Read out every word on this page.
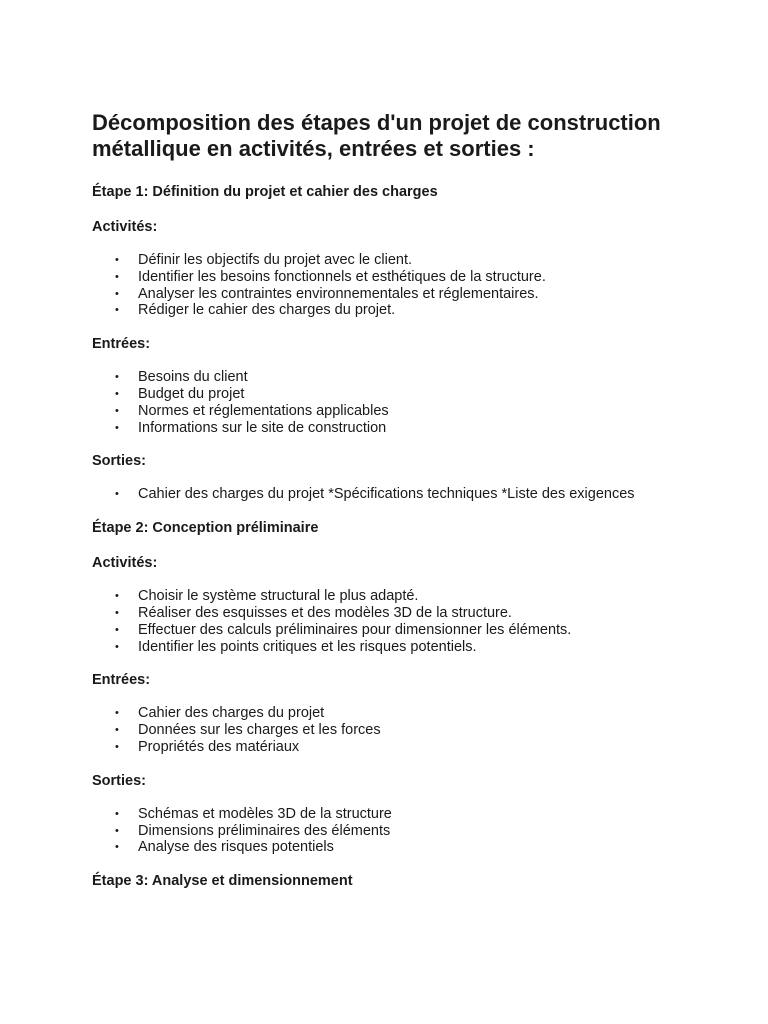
Décomposition des étapes d'un projet de construction métallique en activités, entrées et sorties :
Étape 1: Définition du projet et cahier des charges
Activités:
• Définir les objectifs du projet avec le client.
• Identifier les besoins fonctionnels et esthétiques de la structure.
• Analyser les contraintes environnementales et réglementaires.
• Rédiger le cahier des charges du projet.
Entrées:
• Besoins du client
• Budget du projet
• Normes et réglementations applicables
• Informations sur le site de construction
Sorties:
• Cahier des charges du projet *Spécifications techniques *Liste des exigences
Étape 2: Conception préliminaire
Activités:
• Choisir le système structural le plus adapté.
• Réaliser des esquisses et des modèles 3D de la structure.
• Effectuer des calculs préliminaires pour dimensionner les éléments.
• Identifier les points critiques et les risques potentiels.
Entrées:
• Cahier des charges du projet
• Données sur les charges et les forces
• Propriétés des matériaux
Sorties:
• Schémas et modèles 3D de la structure
• Dimensions préliminaires des éléments
• Analyse des risques potentiels
Étape 3: Analyse et dimensionnement
